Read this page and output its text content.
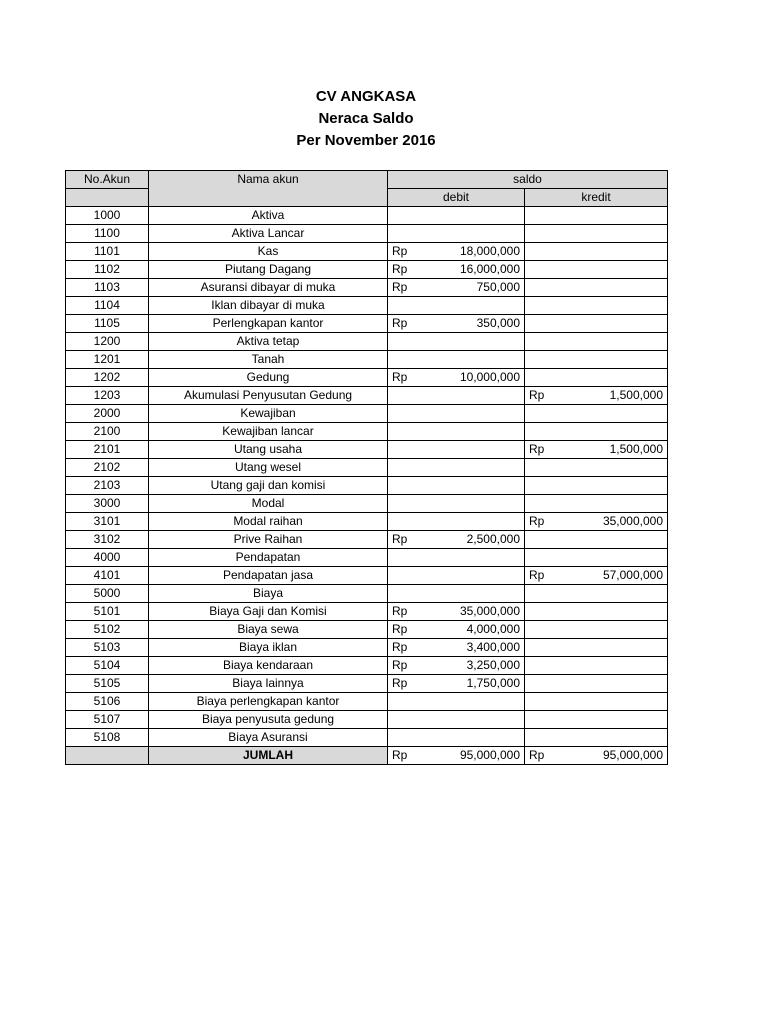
CV ANGKASA
Neraca Saldo
Per November 2016
No.Akun	Nama akun	saldo	
		debit	kredit
1000	Aktiva		
1100	Aktiva Lancar		
1101	Kas	Rp 18,000,000	

1102	Piutang Dagang	Rp 16,000,000	

1103	Asuransi dibayar di muka	Rp 750,000	

1104	Iklan dibayar di muka		
1105	Perlengkapan kantor	Rp 350,000	

1200	Aktiva tetap		
1201	Tanah		
1202	Gedung	Rp 10,000,000	

1203	Akumulasi Penyusutan Gedung		Rp 1,500,000

2000	Kewajiban		
2100	Kewajiban lancar		
2101	Utang usaha		Rp 1,500,000

2102	Utang wesel		
2103	Utang gaji dan komisi		
3000	Modal		
3101	Modal raihan		Rp 35,000,000

3102	Prive Raihan	Rp 2,500,000	

4000	Pendapatan		
4101	Pendapatan jasa		Rp 57,000,000

5000	Biaya		
5101	Biaya Gaji dan Komisi	Rp 35,000,000	

5102	Biaya sewa	Rp 4,000,000	

5103	Biaya iklan	Rp 3,400,000	

5104	Biaya kendaraan	Rp 3,250,000	

5105	Biaya lainnya	Rp 1,750,000	

5106	Biaya perlengkapan kantor		
5107	Biaya penyusuta gedung		
5108	Biaya Asuransi		
	JUMLAH	Rp 95,000,000	Rp 95,000,000
